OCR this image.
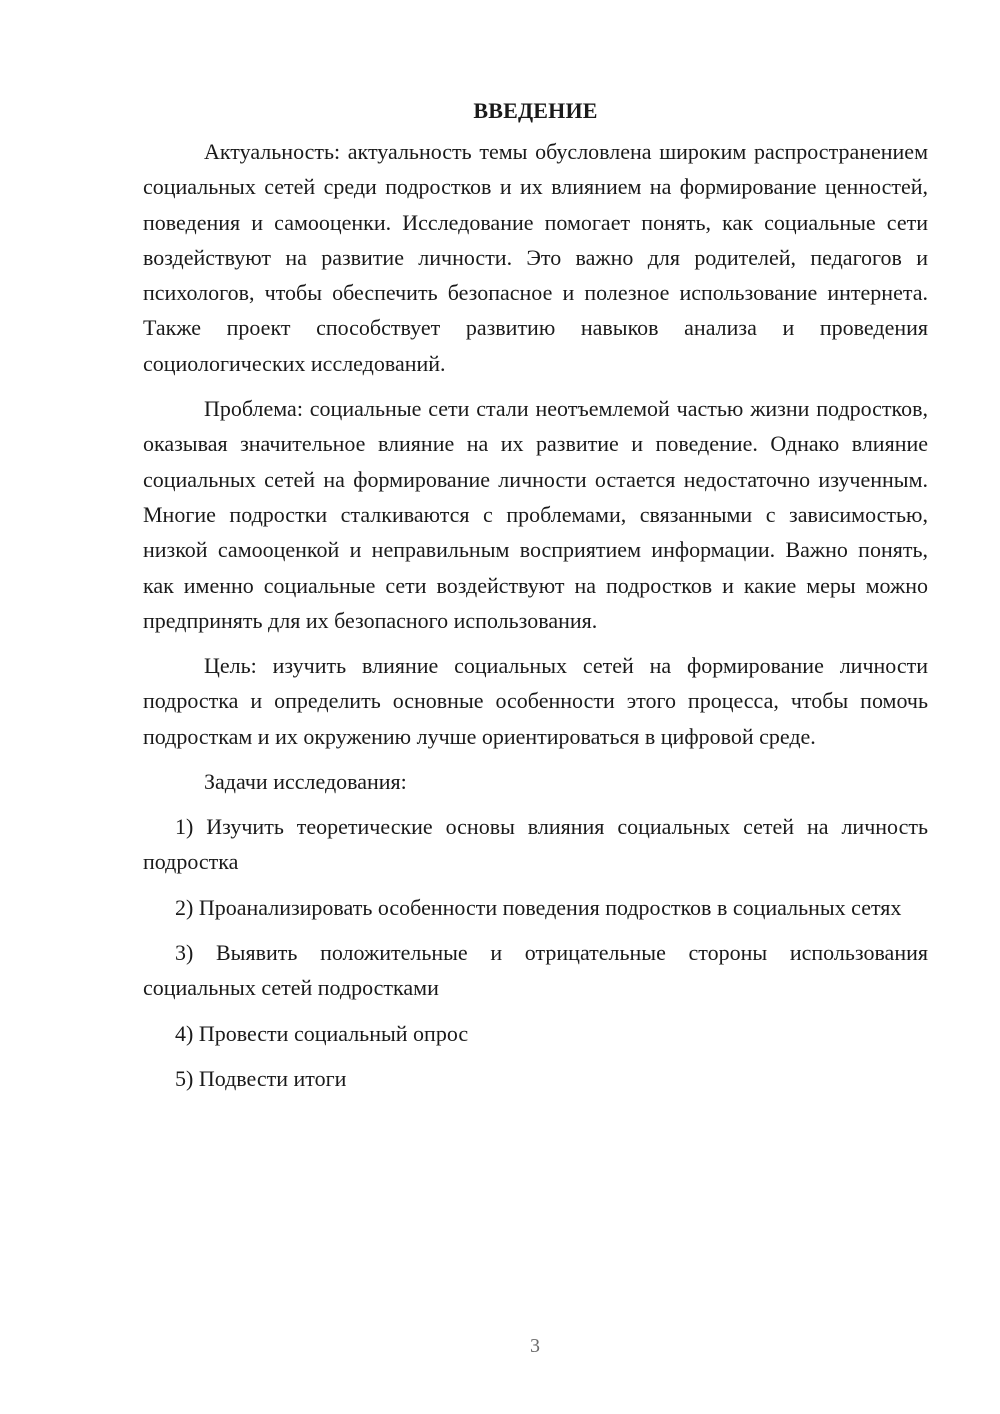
ВВЕДЕНИЕ

Актуальность: актуальность темы обусловлена широким распространением социальных сетей среди подростков и их влиянием на формирование ценностей, поведения и самооценки. Исследование помогает понять, как социальные сети воздействуют на развитие личности. Это важно для родителей, педагогов и психологов, чтобы обеспечить безопасное и полезное использование интернета. Также проект способствует развитию навыков анализа и проведения социологических исследований.

Проблема: социальные сети стали неотъемлемой частью жизни подростков, оказывая значительное влияние на их развитие и поведение. Однако влияние социальных сетей на формирование личности остается недостаточно изученным. Многие подростки сталкиваются с проблемами, связанными с зависимостью, низкой самооценкой и неправильным восприятием информации. Важно понять, как именно социальные сети воздействуют на подростков и какие меры можно предпринять для их безопасного использования.

Цель: изучить влияние социальных сетей на формирование личности подростка и определить основные особенности этого процесса, чтобы помочь подросткам и их окружению лучше ориентироваться в цифровой среде.

Задачи исследования:

1) Изучить теоретические основы влияния социальных сетей на личность подростка

2) Проанализировать особенности поведения подростков в социальных сетях

3) Выявить положительные и отрицательные стороны использования социальных сетей подростками

4) Провести социальный опрос

5) Подвести итоги

3
